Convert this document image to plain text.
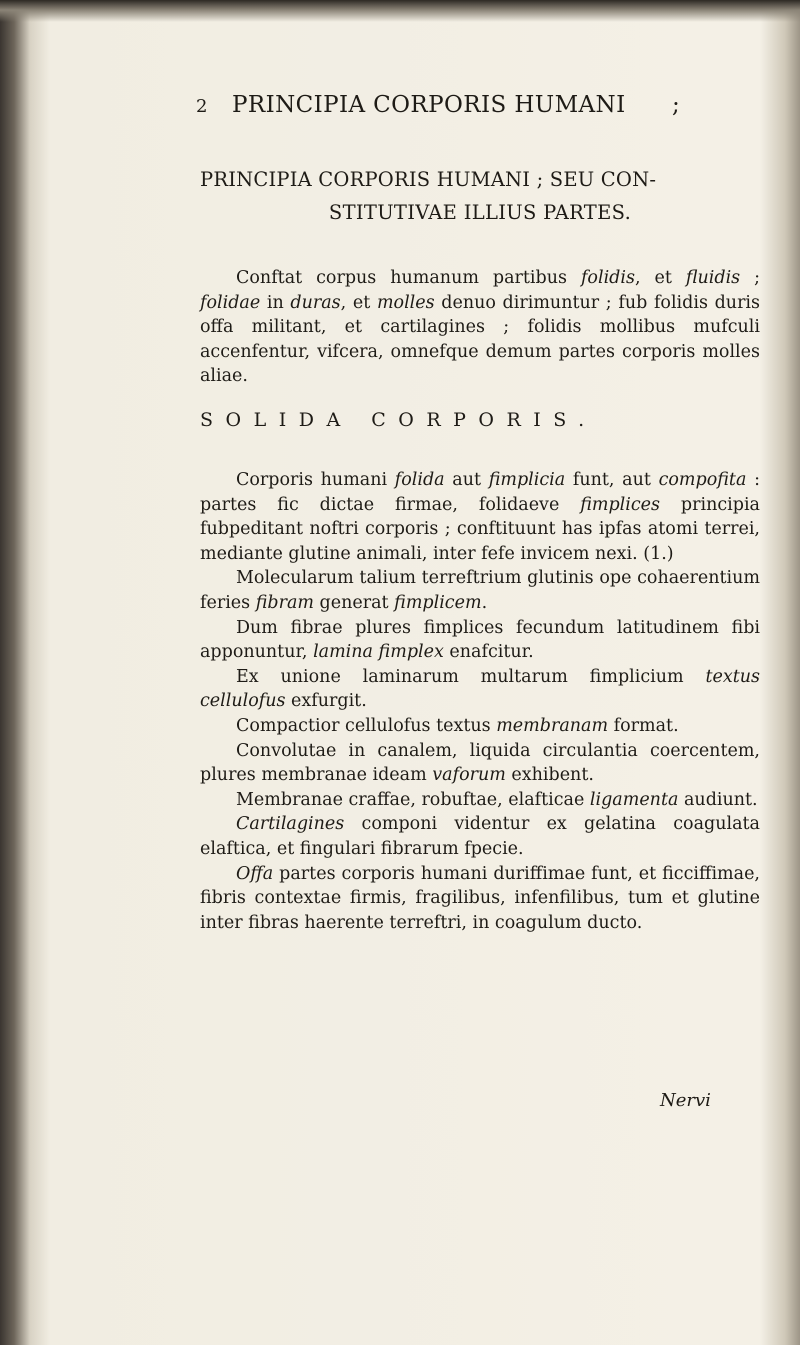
2 PRINCIPIA CORPORIS HUMANI ;
PRINCIPIA CORPORIS HUMANI ; SEU CON-
STITUTIVAE ILLIUS PARTES.

Conftat corpus humanum partibus folidis, et fluidis ; folidae in duras, et molles denuo dirimuntur ; fub folidis duris offa militant, et cartilagines ; folidis mollibus mufculi accenfentur, vifcera, omnefque demum partes corporis molles aliae.

SOLIDA CORPORIS.

Corporis humani folida aut fimplicia funt, aut compofita : partes fic dictae firmae, folidaeve fimplices principia fubpeditant noftri corporis ; conftituunt has ipfas atomi terrei, mediante glutine animali, inter fefe invicem nexi. (1.)

Molecularum talium terreftrium glutinis ope cohaerentium feries fibram generat fimplicem.

Dum fibrae plures fimplices fecundum latitudinem fibi apponuntur, lamina fimplex enafcitur.

Ex unione laminarum multarum fimplicium textus cellulofus exfurgit.

Compactior cellulofus textus membranam format.

Convolutae in canalem, liquida circulantia coercentem, plures membranae ideam vaforum exhibent.

Membranae craffae, robuftae, elafticae ligamenta audiunt.

Cartilagines componi videntur ex gelatina coagulata elaftica, et fingulari fibrarum fpecie.

Offa partes corporis humani duriffimae funt, et ficciffimae, fibris contextae firmis, fragilibus, infenfilibus, tum et glutine inter fibras haerente terreftri, in coagulum ducto.

Nervi
